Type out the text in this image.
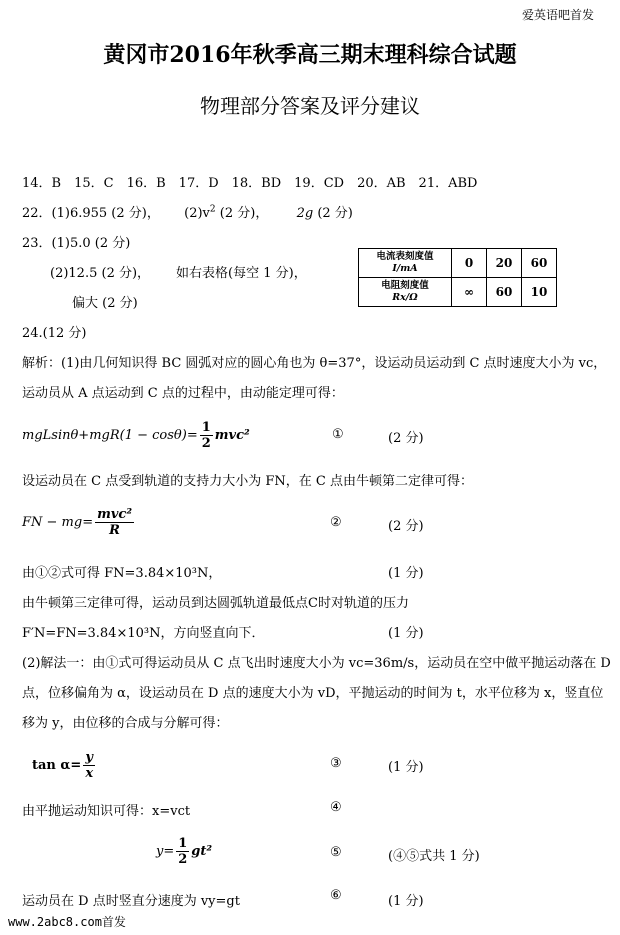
爱英语吧首发
黄冈市2016年秋季高三期末理科综合试题
物理部分答案及评分建议
14．B　15．C　16．B　17．D　18．BD　19．CD　20．AB　21．ABD
22．(1)6.955 (2 分)， $(2)v^2$ (2 分)， 2g (2 分)
23．(1)5.0 (2 分)
(2)12.5 (2 分)， 如右表格(每空 1 分)，
偏大 (2 分)
电流表刻度值
I/mA	0	20	60
电阻刻度值
Rx/Ω	∞	60	10
24.(12 分)
解析：(1)由几何知识得 BC 圆弧对应的圆心角也为 θ=37°，设运动员运动到 C 点时速度大小为 vc，
运动员从 A 点运动到 C 点的过程中，由动能定理可得：
$mgLsin\theta+mgR(1 - \cos\theta)= \frac{1}{2} mvc^2$	①	(2 分)
设运动员在 C 点受到轨道的支持力大小为 FN，在 C 点由牛顿第二定律可得：
FN − $mg= \frac{\text{mvc²}}{R}$	②	(2 分)
由①②式可得 FN=3.84×10³N，	(1 分)
由牛顿第三定律可得，运动员到达圆弧轨道最低点C时对轨道的压力
F′N=FN=3.84×10³N，方向竖直向下．	(1 分)
(2)解法一：由①式可得运动员从 C 点飞出时速度大小为 vc=36m/s，运动员在空中做平抛运动落在 D
点，位移偏角为 α，设运动员在 D 点的速度大小为 vD，平抛运动的时间为 t，水平位移为 x，竖直位
移为 y，由位移的合成与分解可得：
$\tan \alpha= \frac{y}{x}$	③	(1 分)
由平抛运动知识可得：x=vct	④
$y= \frac{1}{2} gt^2$	⑤	(④⑤式共 1 分)
运动员在 D 点时竖直分速度为 vy=gt	⑥	(1 分)
www.2abc8.com首发
